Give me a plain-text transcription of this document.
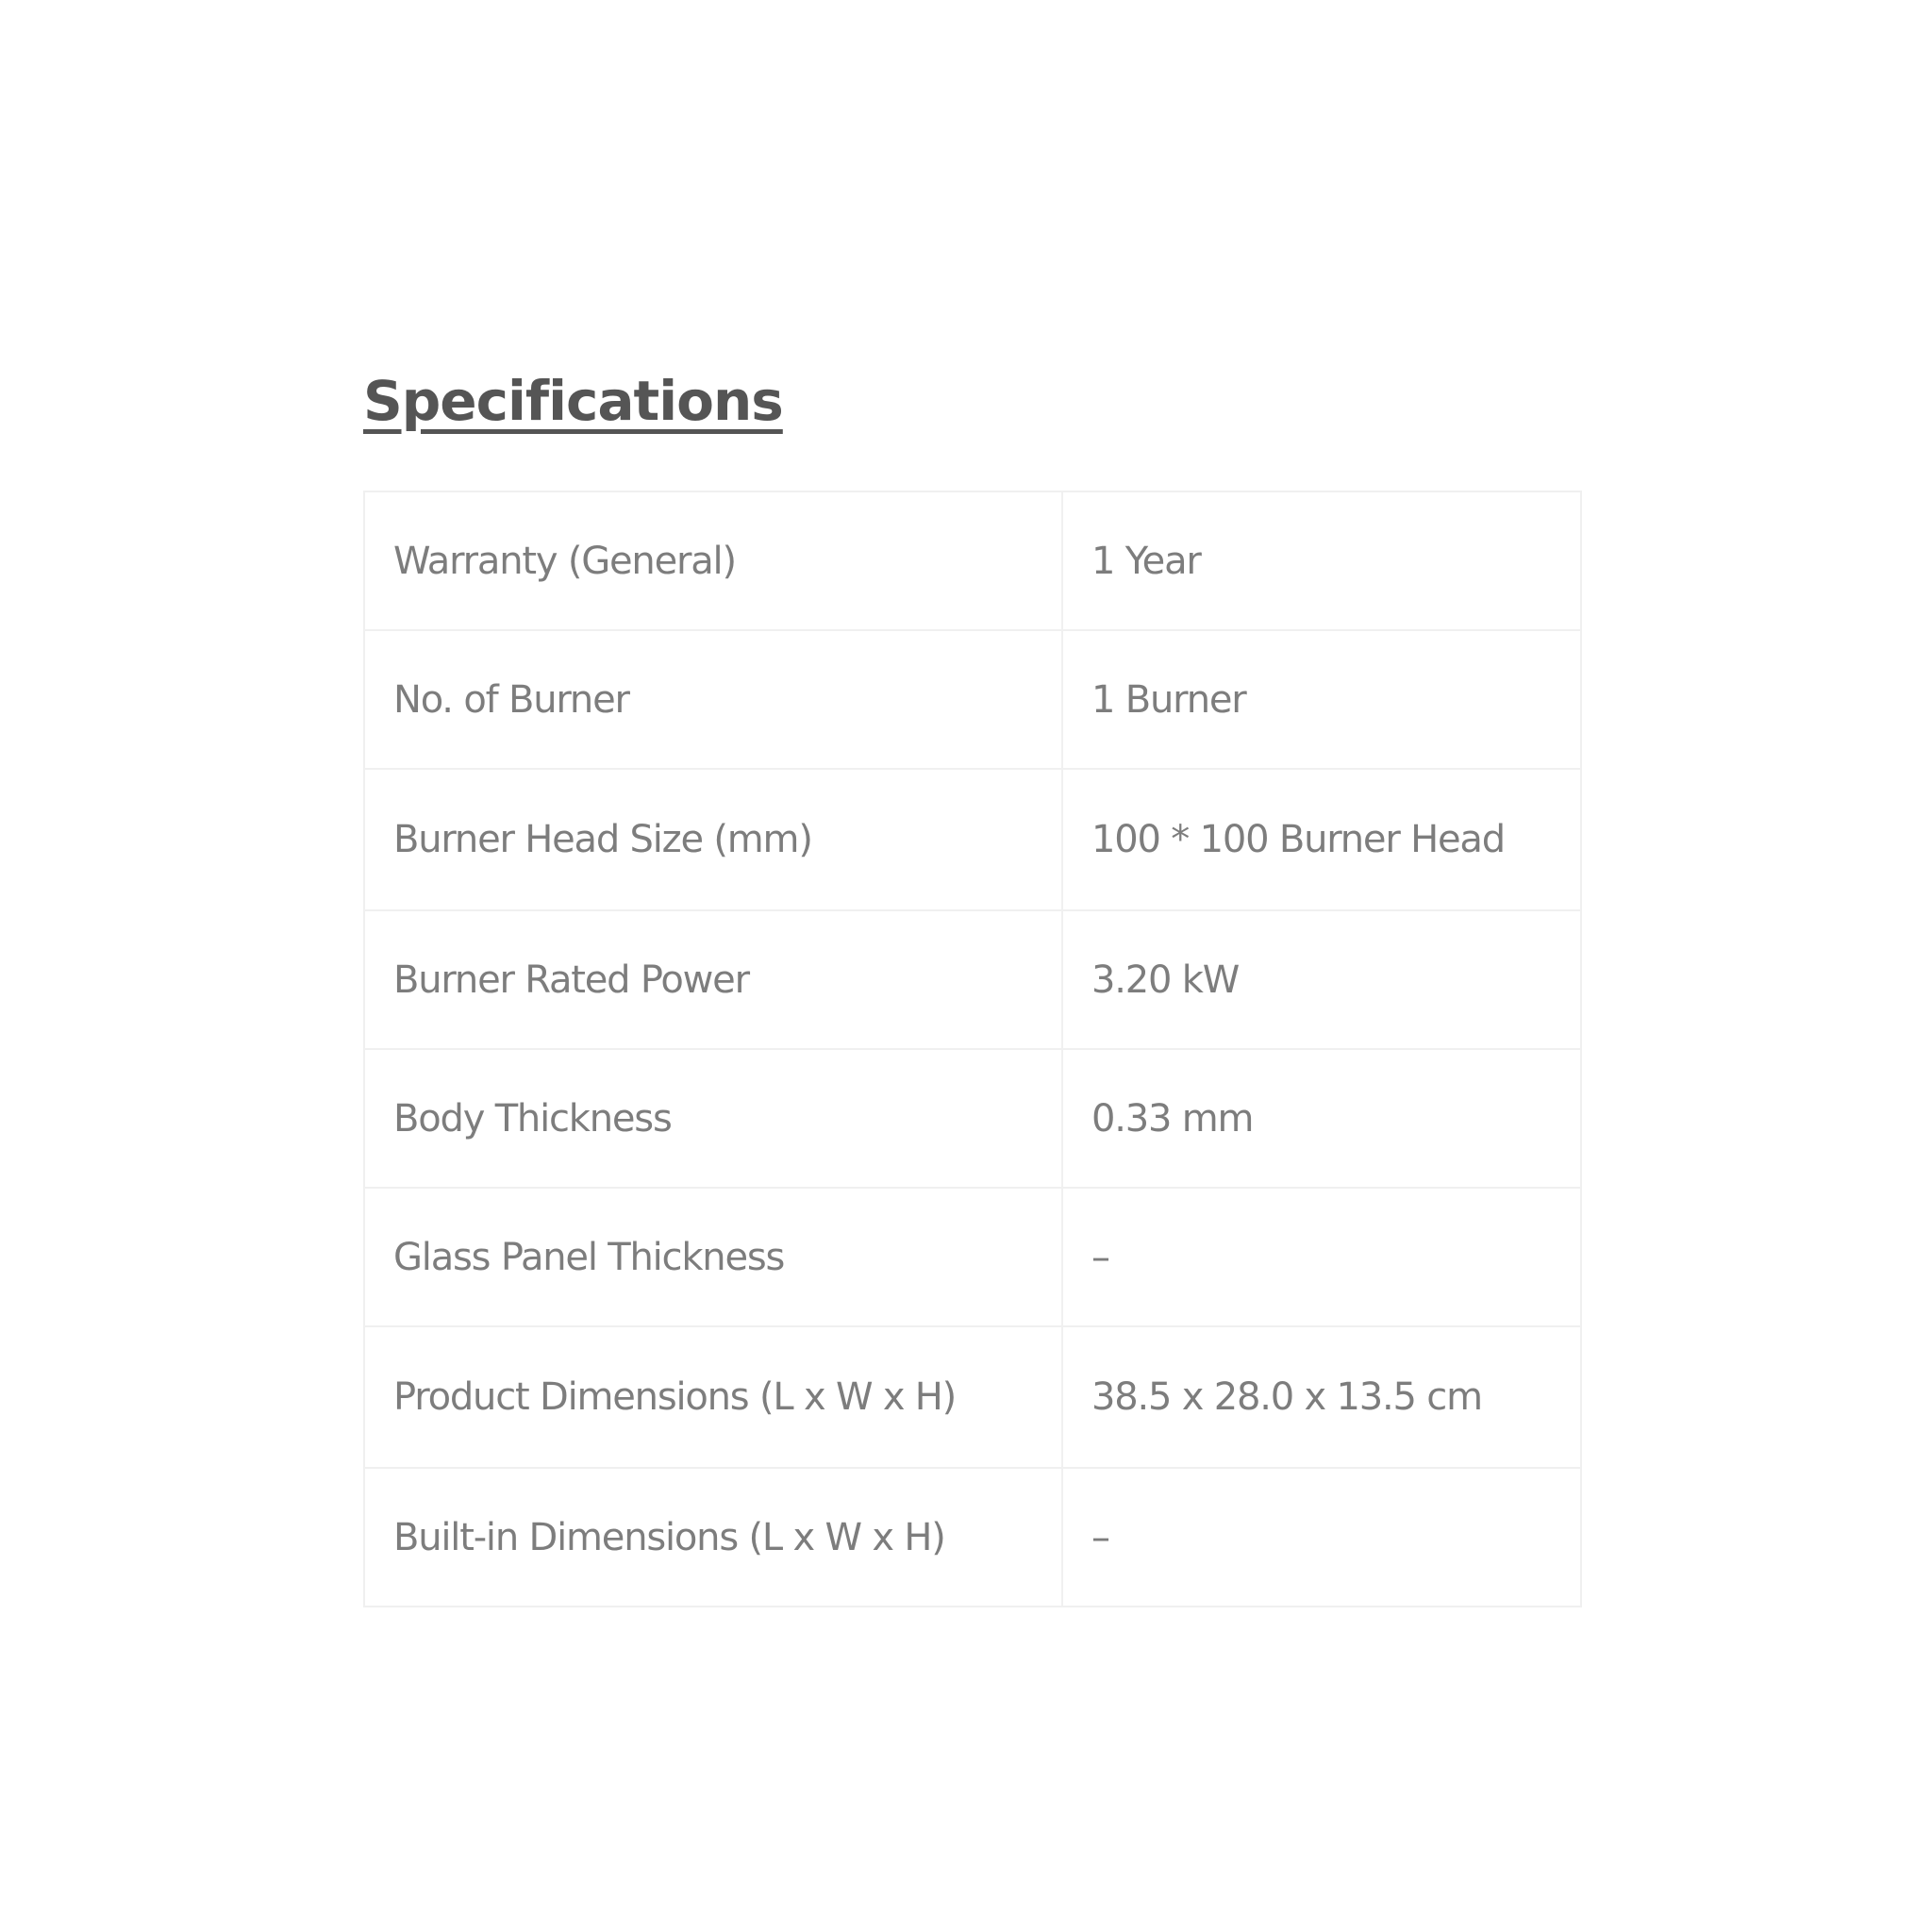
Specifications
Warranty (General)	1 Year
No. of Burner	1 Burner
Burner Head Size (mm)	100 * 100 Burner Head
Burner Rated Power	3.20 kW
Body Thickness	0.33 mm
Glass Panel Thickness	–
Product Dimensions (L x W x H)	38.5 x 28.0 x 13.5 cm
Built-in Dimensions (L x W x H)	–
